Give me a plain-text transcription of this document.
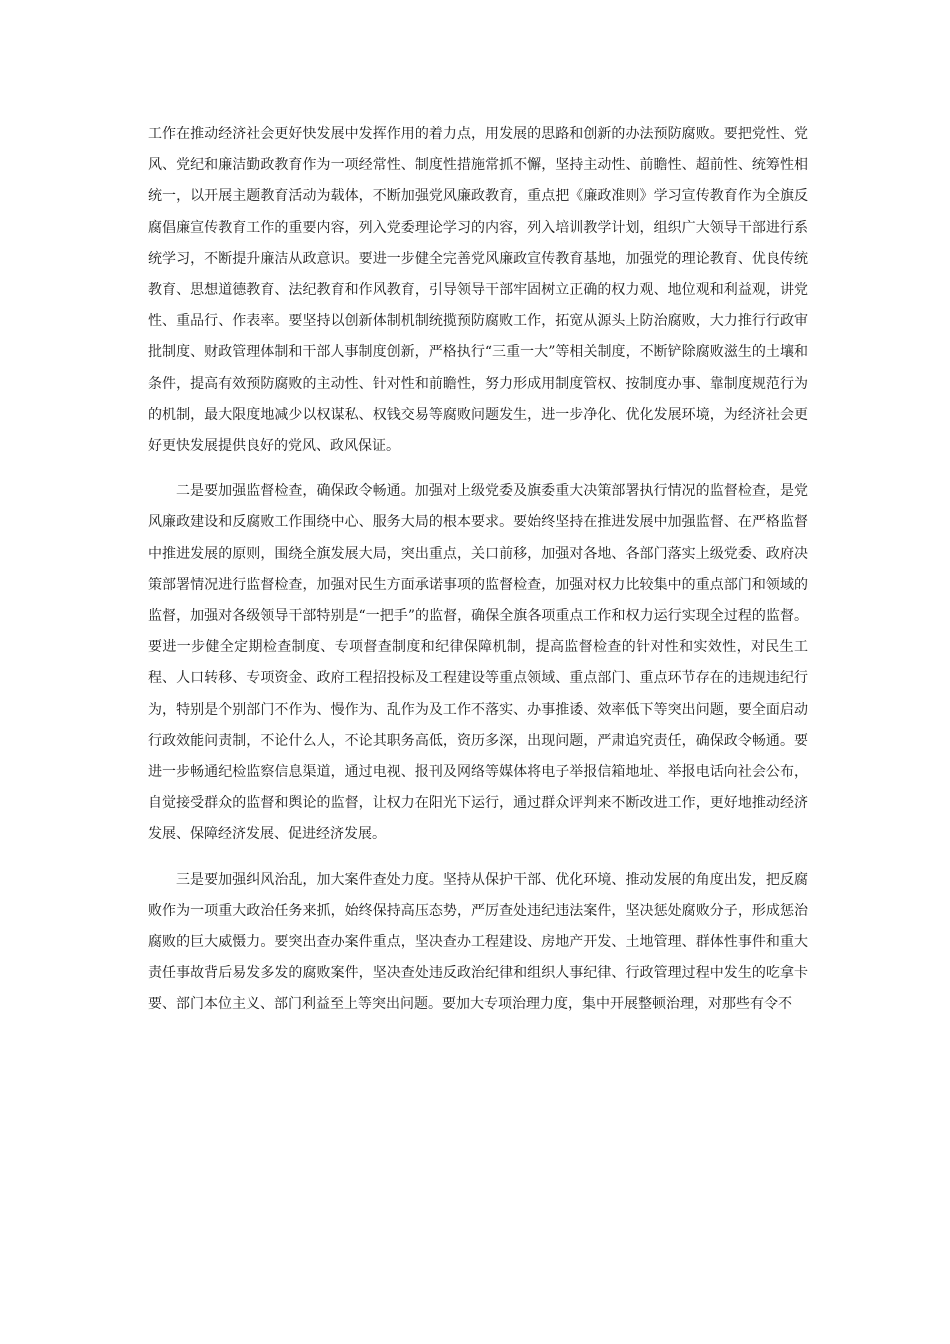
工作在推动经济社会更好快发展中发挥作用的着力点，用发展的思路和创新的办法预防腐败。要把党性、党风、党纪和廉洁勤政教育作为一项经常性、制度性措施常抓不懈，坚持主动性、前瞻性、超前性、统筹性相统一，以开展主题教育活动为载体，不断加强党风廉政教育，重点把《廉政准则》学习宣传教育作为全旗反腐倡廉宣传教育工作的重要内容，列入党委理论学习的内容，列入培训教学计划，组织广大领导干部进行系统学习，不断提升廉洁从政意识。要进一步健全完善党风廉政宣传教育基地，加强党的理论教育、优良传统教育、思想道德教育、法纪教育和作风教育，引导领导干部牢固树立正确的权力观、地位观和利益观，讲党性、重品行、作表率。要坚持以创新体制机制统揽预防腐败工作，拓宽从源头上防治腐败，大力推行行政审批制度、财政管理体制和干部人事制度创新，严格执行“三重一大”等相关制度，不断铲除腐败滋生的土壤和条件，提高有效预防腐败的主动性、针对性和前瞻性，努力形成用制度管权、按制度办事、靠制度规范行为的机制，最大限度地减少以权谋私、权钱交易等腐败问题发生，进一步净化、优化发展环境，为经济社会更好更快发展提供良好的党风、政风保证。

二是要加强监督检查，确保政令畅通。加强对上级党委及旗委重大决策部署执行情况的监督检查，是党风廉政建设和反腐败工作围绕中心、服务大局的根本要求。要始终坚持在推进发展中加强监督、在严格监督中推进发展的原则，围绕全旗发展大局，突出重点，关口前移，加强对各地、各部门落实上级党委、政府决策部署情况进行监督检查，加强对民生方面承诺事项的监督检查，加强对权力比较集中的重点部门和领域的监督，加强对各级领导干部特别是“一把手”的监督，确保全旗各项重点工作和权力运行实现全过程的监督。要进一步健全定期检查制度、专项督查制度和纪律保障机制，提高监督检查的针对性和实效性，对民生工程、人口转移、专项资金、政府工程招投标及工程建设等重点领域、重点部门、重点环节存在的违规违纪行为，特别是个别部门不作为、慢作为、乱作为及工作不落实、办事推诿、效率低下等突出问题，要全面启动行政效能问责制，不论什么人，不论其职务高低，资历多深，出现问题，严肃追究责任，确保政令畅通。要进一步畅通纪检监察信息渠道，通过电视、报刊及网络等媒体将电子举报信箱地址、举报电话向社会公布，自觉接受群众的监督和舆论的监督，让权力在阳光下运行，通过群众评判来不断改进工作，更好地推动经济发展、保障经济发展、促进经济发展。

三是要加强纠风治乱，加大案件查处力度。坚持从保护干部、优化环境、推动发展的角度出发，把反腐败作为一项重大政治任务来抓，始终保持高压态势，严厉查处违纪违法案件，坚决惩处腐败分子，形成惩治腐败的巨大威慑力。要突出查办案件重点，坚决查办工程建设、房地产开发、土地管理、群体性事件和重大责任事故背后易发多发的腐败案件，坚决查处违反政治纪律和组织人事纪律、行政管理过程中发生的吃拿卡要、部门本位主义、部门利益至上等突出问题。要加大专项治理力度，集中开展整顿治理，对那些有令不
